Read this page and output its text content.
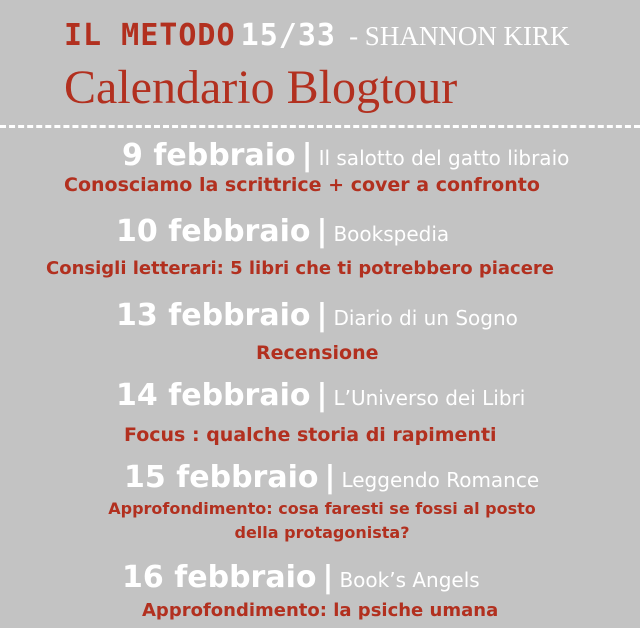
IL METODO 15/33 - SHANNON KIRK
Calendario Blogtour
9 febbraio | Il salotto del gatto libraio
Conosciamo la scrittrice + cover a confronto
10 febbraio | Bookspedia
Consigli letterari: 5 libri che ti potrebbero piacere
13 febbraio | Diario di un Sogno
Recensione
14 febbraio | L’Universo dei Libri
Focus : qualche storia di rapimenti
15 febbraio | Leggendo Romance
Approfondimento: cosa faresti se fossi al posto
della protagonista?
16 febbraio | Book’s Angels
Approfondimento: la psiche umana
